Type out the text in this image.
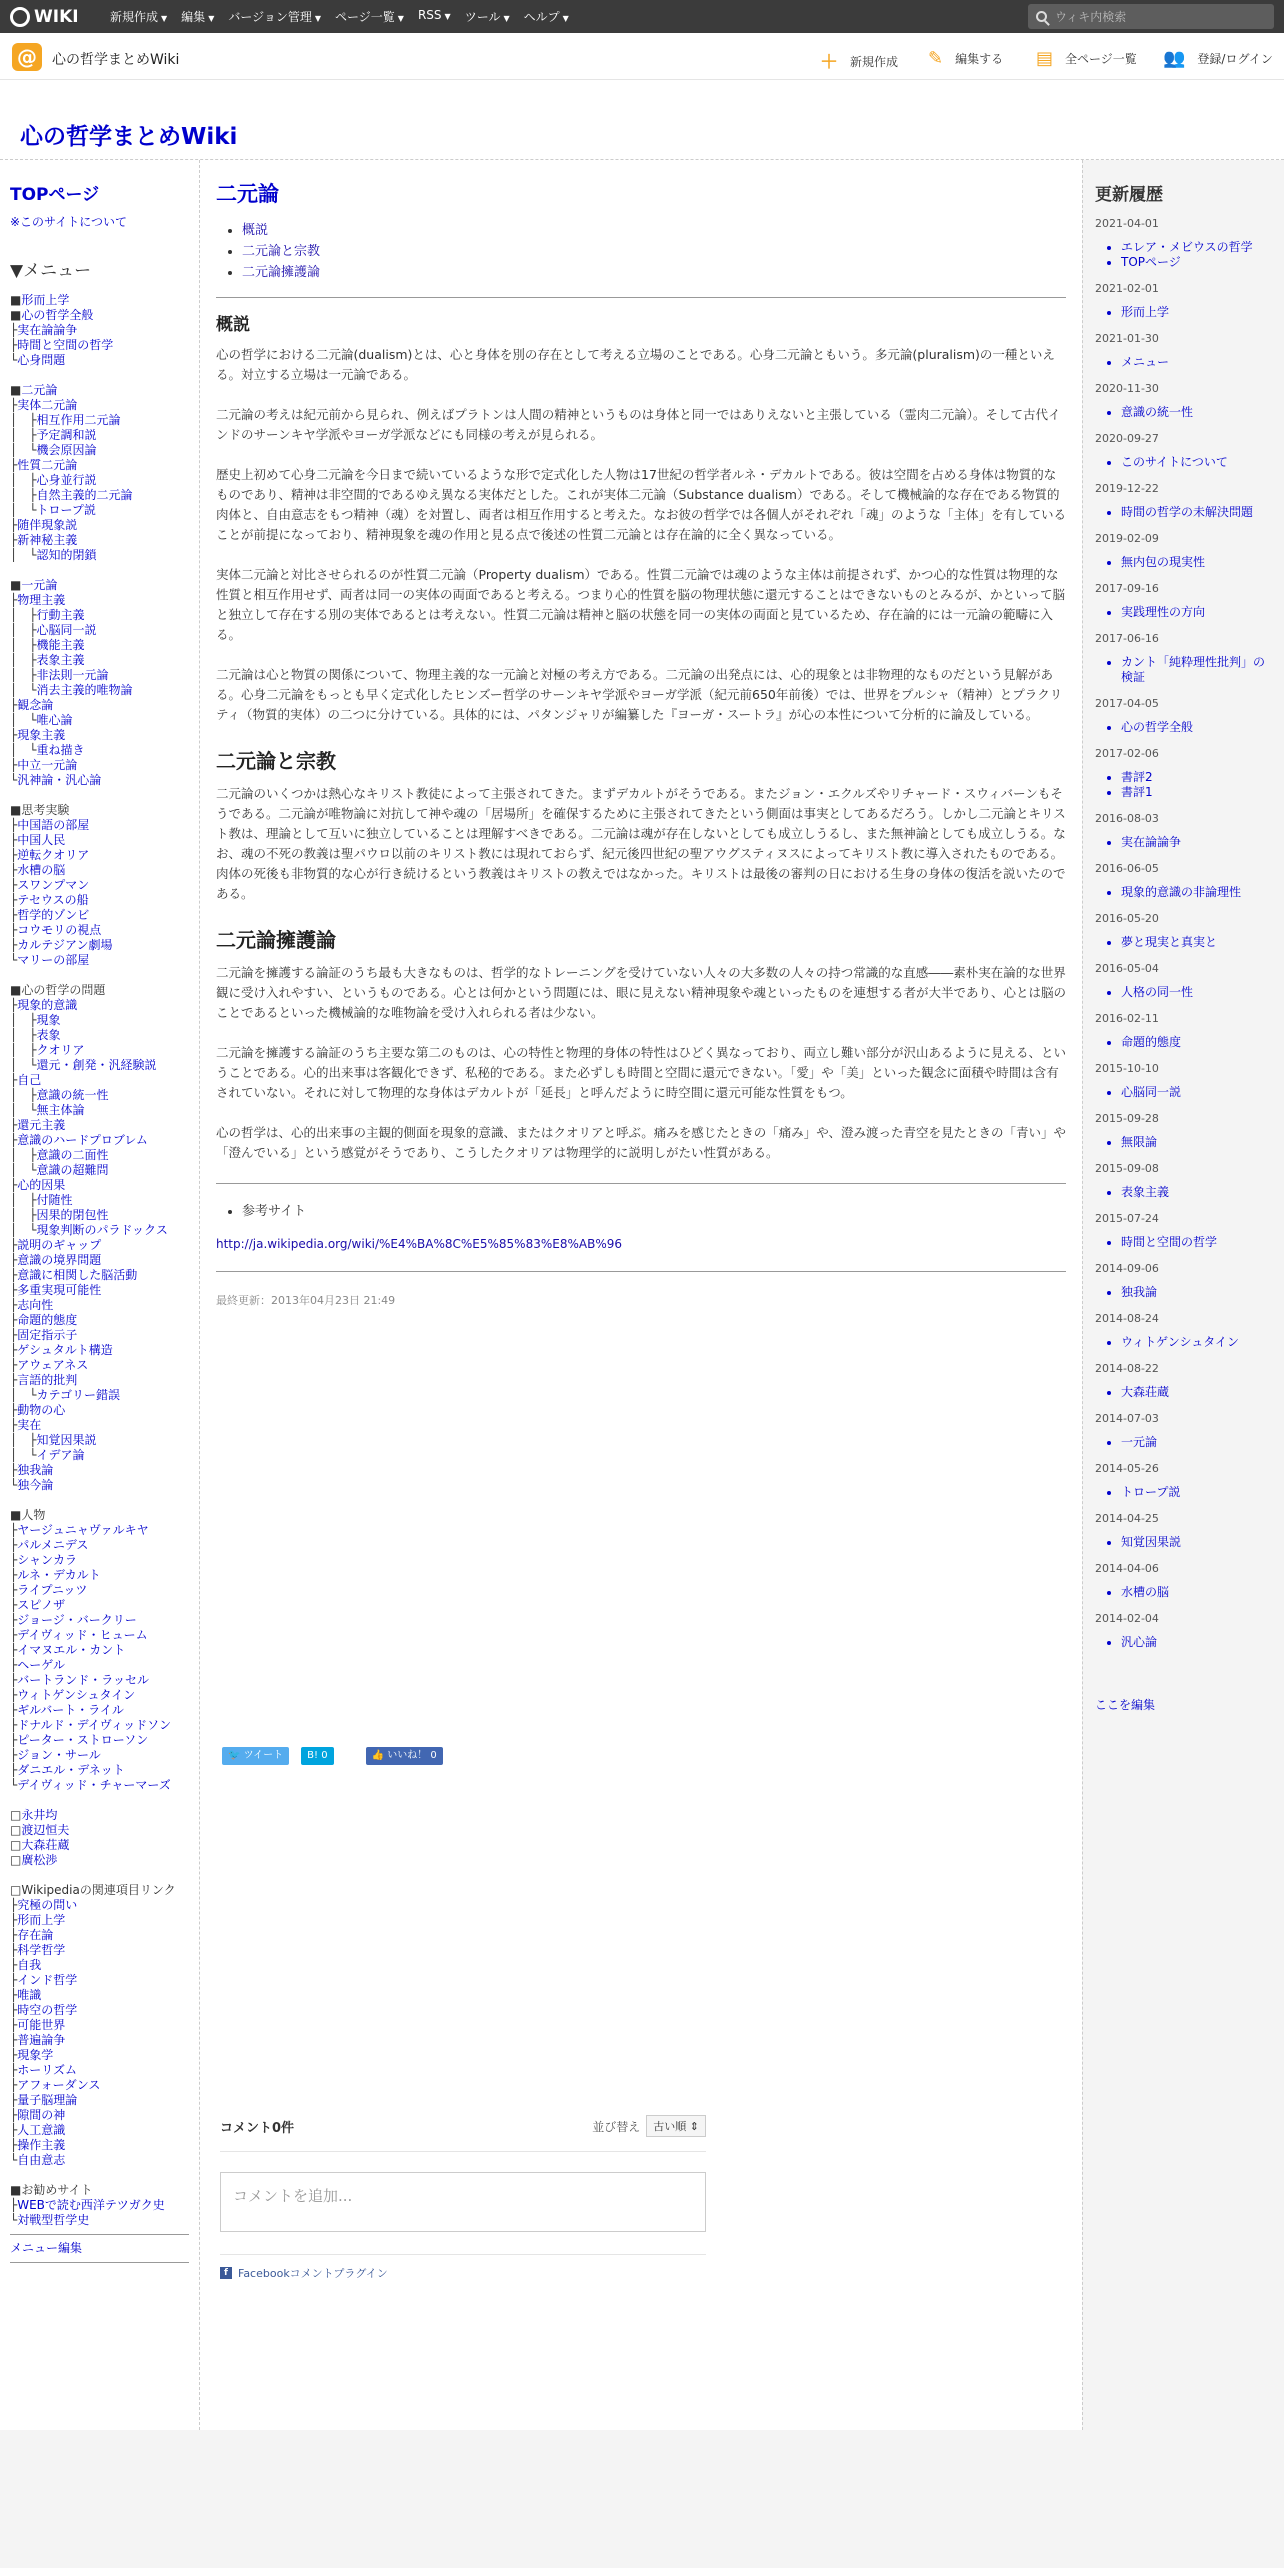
WIKI	新規作成 ▼ 編集 ▼ バージョン管理 ▼ ページ一覧 ▼ RSS ▼ ツール ▼ ヘルプ ▼	ウィキ内検索
@	心の哲学まとめWiki	＋ 新規作成 ✎ 編集する ▤ 全ページ一覧 👥 登録/ログイン
心の哲学まとめWiki
TOPページ
※このサイトについて
▼メニュー
■形而上学
■心の哲学全般
├実在論論争
├時間と空間の哲学
└心身問題

■二元論
├実体二元論
│　├相互作用二元論
│　├予定調和説
│　└機会原因論
├性質二元論
│　├心身並行説
│　├自然主義的二元論
│　└トロープ説
├随伴現象説
├新神秘主義
│　└認知的閉鎖

■一元論
├物理主義
│　├行動主義
│　├心脳同一説
│　├機能主義
│　├表象主義
│　├非法則一元論
│　└消去主義的唯物論
├観念論
│　└唯心論
├現象主義
│　└重ね描き
├中立一元論
└汎神論・汎心論

■思考実験
├中国語の部屋
├中国人民
├逆転クオリア
├水槽の脳
├スワンプマン
├テセウスの船
├哲学的ゾンビ
├コウモリの視点
├カルテジアン劇場
└マリーの部屋

■心の哲学の問題
├現象的意識
│　├現象
│　├表象
│　├クオリア
│　└還元・創発・汎経験説
├自己
│　├意識の統一性
│　└無主体論
├還元主義
├意識のハードプロブレム
│　├意識の二面性
│　└意識の超難問
├心的因果
│　├付随性
│　├因果的閉包性
│　└現象判断のパラドックス
├説明のギャップ
├意識の境界問題
├意識に相関した脳活動
├多重実現可能性
├志向性
├命題的態度
├固定指示子
├ゲシュタルト構造
├アウェアネス
├言語的批判
│　└カテゴリー錯誤
├動物の心
├実在
│　├知覚因果説
│　└イデア論
├独我論
└独今論

■人物
├ヤージュニャヴァルキヤ
├パルメニデス
├シャンカラ
├ルネ・デカルト
├ライプニッツ
├スピノザ
├ジョージ・バークリー
├デイヴィッド・ヒューム
├イマヌエル・カント
├ヘーゲル
├バートランド・ラッセル
├ウィトゲンシュタイン
├ギルバート・ライル
├ドナルド・デイヴィッドソン
├ピーター・ストローソン
├ジョン・サール
├ダニエル・デネット
└デイヴィッド・チャーマーズ

□永井均
□渡辺恒夫
□大森荘蔵
□廣松渉

□Wikipediaの関連項目リンク
├究極の問い
├形而上学
├存在論
├科学哲学
├自我
├インド哲学
├唯識
├時空の哲学
├可能世界
├普遍論争
├現象学
├ホーリズム
├アフォーダンス
├量子脳理論
├隙間の神
├人工意識
├操作主義
└自由意志

■お勧めサイト
├WEBで読む西洋テツガク史
└対戦型哲学史
メニュー編集
二元論
• 概説
• 二元論と宗教
• 二元論擁護論
概説

心の哲学における二元論(dualism)とは、心と身体を別の存在として考える立場のことである。心身二元論ともいう。多元論(pluralism)の一種といえる。対立する立場は一元論である。

二元論の考えは紀元前から見られ、例えばプラトンは人間の精神というものは身体と同一ではありえないと主張している（霊肉二元論）。そして古代インドのサーンキヤ学派やヨーガ学派などにも同様の考えが見られる。

歴史上初めて心身二元論を今日まで続いているような形で定式化した人物は17世紀の哲学者ルネ・デカルトである。彼は空間を占める身体は物質的なものであり、精神は非空間的であるゆえ異なる実体だとした。これが実体二元論（Substance dualism）である。そして機械論的な存在である物質的肉体と、自由意志をもつ精神（魂）を対置し、両者は相互作用すると考えた。なお彼の哲学では各個人がそれぞれ「魂」のような「主体」を有していることが前提になっており、精神現象を魂の作用と見る点で後述の性質二元論とは存在論的に全く異なっている。

実体二元論と対比させられるのが性質二元論（Property dualism）である。性質二元論では魂のような主体は前提されず、かつ心的な性質は物理的な性質と相互作用せず、両者は同一の実体の両面であると考える。つまり心的性質を脳の物理状態に還元することはできないものとみるが、かといって脳と独立して存在する別の実体であるとは考えない。性質二元論は精神と脳の状態を同一の実体の両面と見ているため、存在論的には一元論の範疇に入る。

二元論は心と物質の関係について、物理主義的な一元論と対極の考え方である。二元論の出発点には、心的現象とは非物理的なものだという見解がある。心身二元論をもっとも早く定式化したヒンズー哲学のサーンキヤ学派やヨーガ学派（紀元前650年前後）では、世界をプルシャ（精神）とプラクリティ（物質的実体）の二つに分けている。具体的には、パタンジャリが編纂した『ヨーガ・スートラ』が心の本性について分析的に論及している。

二元論と宗教

二元論のいくつかは熱心なキリスト教徒によって主張されてきた。まずデカルトがそうである。またジョン・エクルズやリチャード・スウィバーンもそうである。二元論が唯物論に対抗して神や魂の「居場所」を確保するために主張されてきたという側面は事実としてあるだろう。しかし二元論とキリスト教は、理論として互いに独立していることは理解すべきである。二元論は魂が存在しないとしても成立しうるし、また無神論としても成立しうる。なお、魂の不死の教義は聖パウロ以前のキリスト教には現れておらず、紀元後四世紀の聖アウグスティヌスによってキリスト教に導入されたものである。肉体の死後も非物質的な心が行き続けるという教義はキリストの教えではなかった。キリストは最後の審判の日における生身の身体の復活を説いたのである。

二元論擁護論

二元論を擁護する論証のうち最も大きなものは、哲学的なトレーニングを受けていない人々の大多数の人々の持つ常識的な直感――素朴実在論的な世界観に受け入れやすい、というものである。心とは何かという問題には、眼に見えない精神現象や魂といったものを連想する者が大半であり、心とは脳のことであるといった機械論的な唯物論を受け入れられる者は少ない。

二元論を擁護する論証のうち主要な第二のものは、心の特性と物理的身体の特性はひどく異なっており、両立し難い部分が沢山あるように見える、ということである。心的出来事は客観化できず、私秘的である。また必ずしも時間と空間に還元できない。「愛」や「美」といった観念に面積や時間は含有されていない。それに対して物理的な身体はデカルトが「延長」と呼んだように時空間に還元可能な性質をもつ。

心の哲学は、心的出来事の主観的側面を現象的意識、またはクオリアと呼ぶ。痛みを感じたときの「痛み」や、澄み渡った青空を見たときの「青い」や「澄んでいる」という感覚がそうであり、こうしたクオリアは物理学的に説明しがたい性質がある。

• 参考サイト
http://ja.wikipedia.org/wiki/%E4%BA%8C%E5%85%83%E8%AB%96
最終更新：2013年04月23日 21:49
🐦 ツイート	B! 0	👍 いいね！ 0
コメント0件	並び替え	古い順 ⇕
コメントを追加...
f Facebookコメントプラグイン
更新履歴
2021-04-01
• エレア・メビウスの哲学
• TOPページ
2021-02-01
• 形而上学
2021-01-30
• メニュー
2020-11-30
• 意識の統一性
2020-09-27
• このサイトについて
2019-12-22
• 時間の哲学の未解決問題
2019-02-09
• 無内包の現実性
2017-09-16
• 実践理性の方向
2017-06-16
• カント「純粋理性批判」の検証
2017-04-05
• 心の哲学全般
2017-02-06
• 書評2
• 書評1
2016-08-03
• 実在論論争
2016-06-05
• 現象的意識の非論理性
2016-05-20
• 夢と現実と真実と
2016-05-04
• 人格の同一性
2016-02-11
• 命題的態度
2015-10-10
• 心脳同一説
2015-09-28
• 無限論
2015-09-08
• 表象主義
2015-07-24
• 時間と空間の哲学
2014-09-06
• 独我論
2014-08-24
• ウィトゲンシュタイン
2014-08-22
• 大森荘蔵
2014-07-03
• 一元論
2014-05-26
• トロープ説
2014-04-25
• 知覚因果説
2014-04-06
• 水槽の脳
2014-02-04
• 汎心論
ここを編集
